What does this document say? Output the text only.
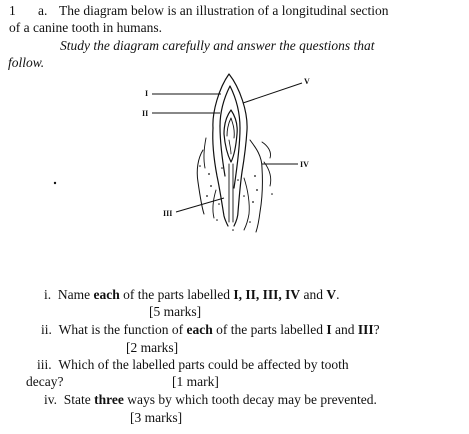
1 a. The diagram below is an illustration of a longitudinal section
of a canine tooth in humans.
Study the diagram carefully and answer the questions that
follow.
I
II
III
IV
V
i. Name each of the parts labelled I, II, III, IV and V.
[5 marks]
ii. What is the function of each of the parts labelled I and III?
[2 marks]
iii. Which of the labelled parts could be affected by tooth
decay?	[1 mark]
iv. State three ways by which tooth decay may be prevented.
[3 marks]
